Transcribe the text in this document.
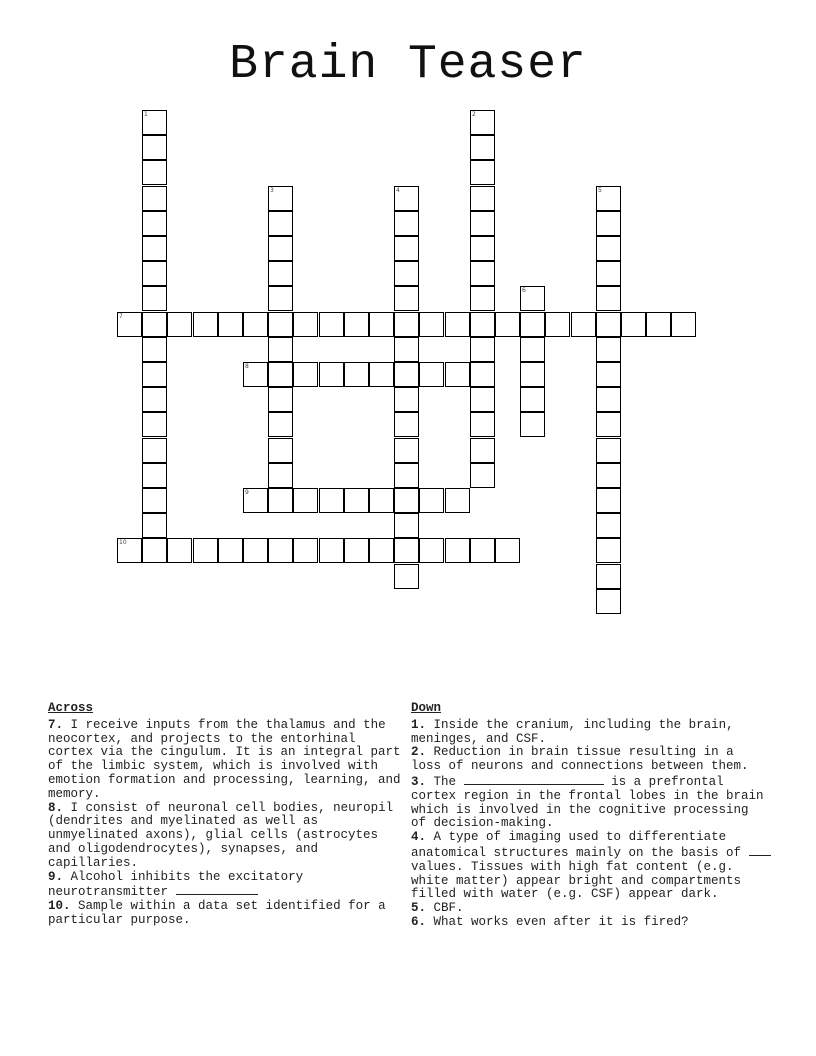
Brain Teaser
1	2
3	4	5
6
7
8
9
10
Across
7. I receive inputs from the thalamus and the neocortex, and projects to the entorhinal cortex via the cingulum. It is an integral part of the limbic system, which is involved with emotion formation and processing, learning, and memory.
8. I consist of neuronal cell bodies, neuropil (dendrites and myelinated as well as unmyelinated axons), glial cells (astrocytes and oligodendrocytes), synapses, and capillaries.
9. Alcohol inhibits the excitatory neurotransmitter
10. Sample within a data set identified for a particular purpose.
Down
1. Inside the cranium, including the brain, meninges, and CSF.
2. Reduction in brain tissue resulting in a loss of neurons and connections between them.
3. The	is a prefrontal cortex region in the frontal lobes in the brain which is involved in the cognitive processing of decision-making.
4. A type of imaging used to differentiate anatomical structures mainly on the basis of  values. Tissues with high fat content (e.g. white matter) appear bright and compartments filled with water (e.g. CSF) appear dark.
5. CBF.
6. What works even after it is fired?
